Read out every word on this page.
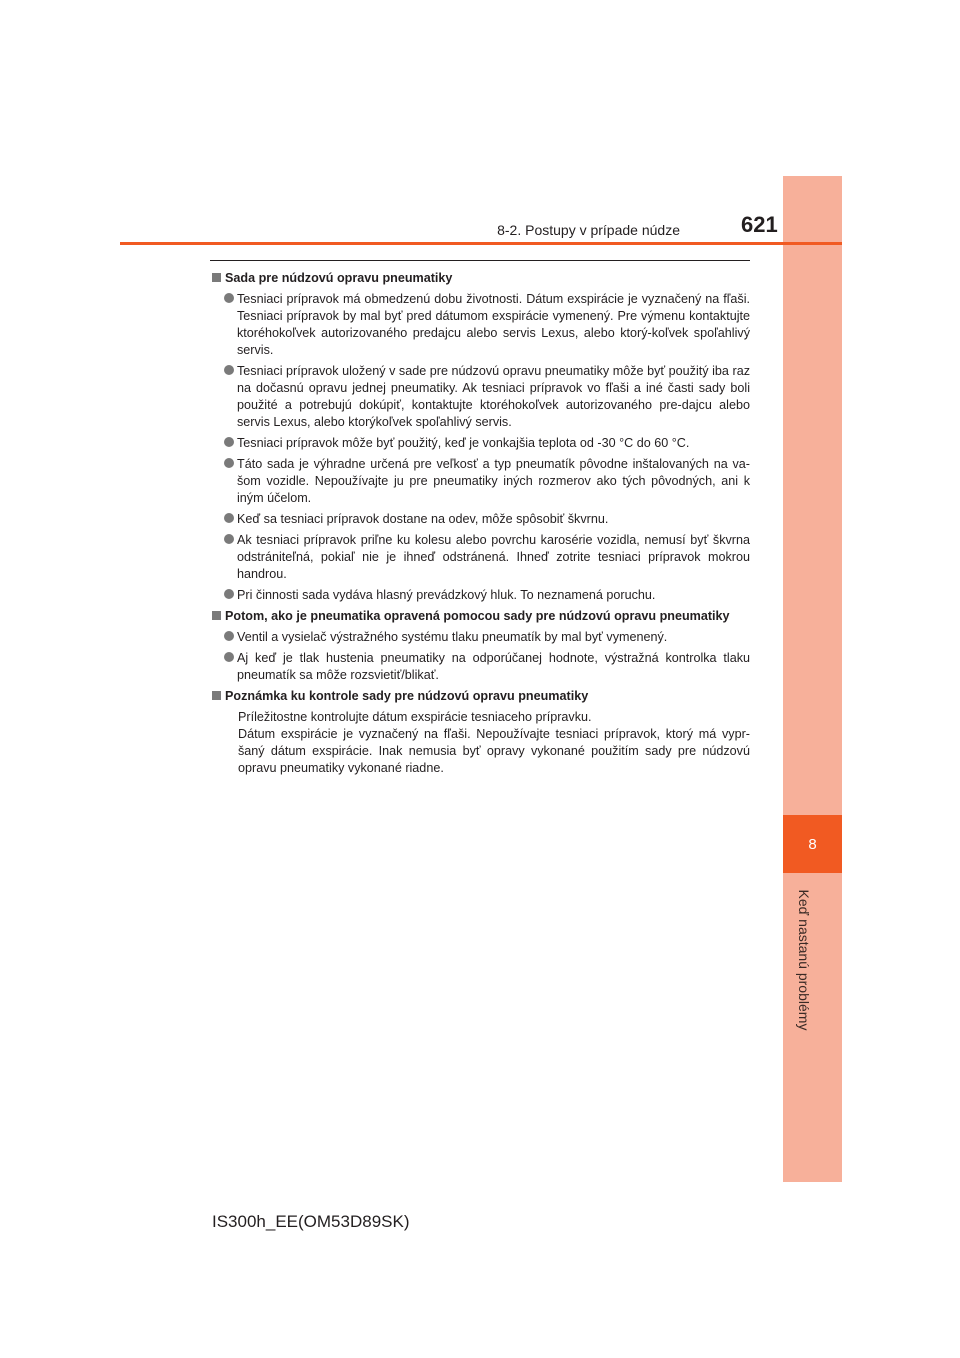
8
Keď nastanú problémy
8-2. Postupy v prípade núdze	621
Sada pre núdzovú opravu pneumatiky
Tesniaci prípravok má obmedzenú dobu životnosti. Dátum exspirácie je vyznačený na fľaši. Tesniaci prípravok by mal byť pred dátumom exspirácie vymenený. Pre výmenu kontaktujte ktoréhokoľvek autorizovaného predajcu alebo servis Lexus, alebo ktorý-koľvek spoľahlivý servis.
Tesniaci prípravok uložený v sade pre núdzovú opravu pneumatiky môže byť použitý iba raz na dočasnú opravu jednej pneumatiky. Ak tesniaci prípravok vo fľaši a iné časti sady boli použité a potrebujú dokúpiť, kontaktujte ktoréhokoľvek autorizovaného pre-dajcu alebo servis Lexus, alebo ktorýkoľvek spoľahlivý servis.
Tesniaci prípravok môže byť použitý, keď je vonkajšia teplota od -30 °C do 60 °C.
Táto sada je výhradne určená pre veľkosť a typ pneumatík pôvodne inštalovaných na va-šom vozidle. Nepoužívajte ju pre pneumatiky iných rozmerov ako tých pôvodných, ani k iným účelom.
Keď sa tesniaci prípravok dostane na odev, môže spôsobiť škvrnu.
Ak tesniaci prípravok priľne ku kolesu alebo povrchu karosérie vozidla, nemusí byť škvrna odstrániteľná, pokiaľ nie je ihneď odstránená. Ihneď zotrite tesniaci prípravok mokrou handrou.
Pri činnosti sada vydáva hlasný prevádzkový hluk. To neznamená poruchu.
Potom, ako je pneumatika opravená pomocou sady pre núdzovú opravu pneumatiky
Ventil a vysielač výstražného systému tlaku pneumatík by mal byť vymenený.
Aj keď je tlak hustenia pneumatiky na odporúčanej hodnote, výstražná kontrolka tlaku pneumatík sa môže rozsvietiť/blikať.
Poznámka ku kontrole sady pre núdzovú opravu pneumatiky

Príležitostne kontrolujte dátum exspirácie tesniaceho prípravku.

Dátum exspirácie je vyznačený na fľaši. Nepoužívajte tesniaci prípravok, ktorý má vypr-šaný dátum exspirácie. Inak nemusia byť opravy vykonané použitím sady pre núdzovú opravu pneumatiky vykonané riadne.

IS300h_EE(OM53D89SK)
